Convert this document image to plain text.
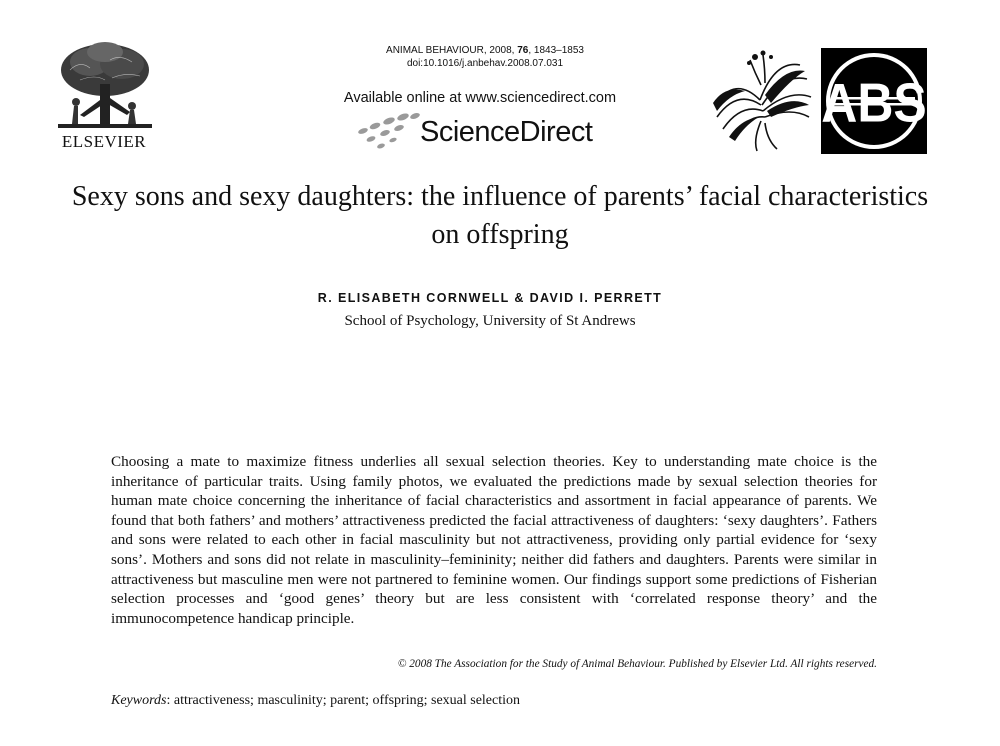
ELSEVIER
ANIMAL BEHAVIOUR, 2008, 76, 1843–1853
doi:10.1016/j.anbehav.2008.07.031
Available online at www.sciencedirect.com
ScienceDirect	ABS
Sexy sons and sexy daughters: the influence of parents’ facial characteristics on offspring
R. ELISABETH CORNWELL & DAVID I. PERRETT
School of Psychology, University of St Andrews
Choosing a mate to maximize fitness underlies all sexual selection theories. Key to understanding mate choice is the inheritance of particular traits. Using family photos, we evaluated the predictions made by sexual selection theories for human mate choice concerning the inheritance of facial characteristics and assortment in facial appearance of parents. We found that both fathers’ and mothers’ attractiveness predicted the facial attractiveness of daughters: ‘sexy daughters’. Fathers and sons were related to each other in facial masculinity but not attractiveness, providing only partial evidence for ‘sexy sons’. Mothers and sons did not relate in masculinity–femininity; neither did fathers and daughters. Parents were similar in attractiveness but masculine men were not partnered to feminine women. Our findings support some predictions of Fisherian selection processes and ‘good genes’ theory but are less consistent with ‘correlated response theory’ and the immunocompetence handicap principle.
© 2008 The Association for the Study of Animal Behaviour. Published by Elsevier Ltd. All rights reserved.
Keywords: attractiveness; masculinity; parent; offspring; sexual selection
